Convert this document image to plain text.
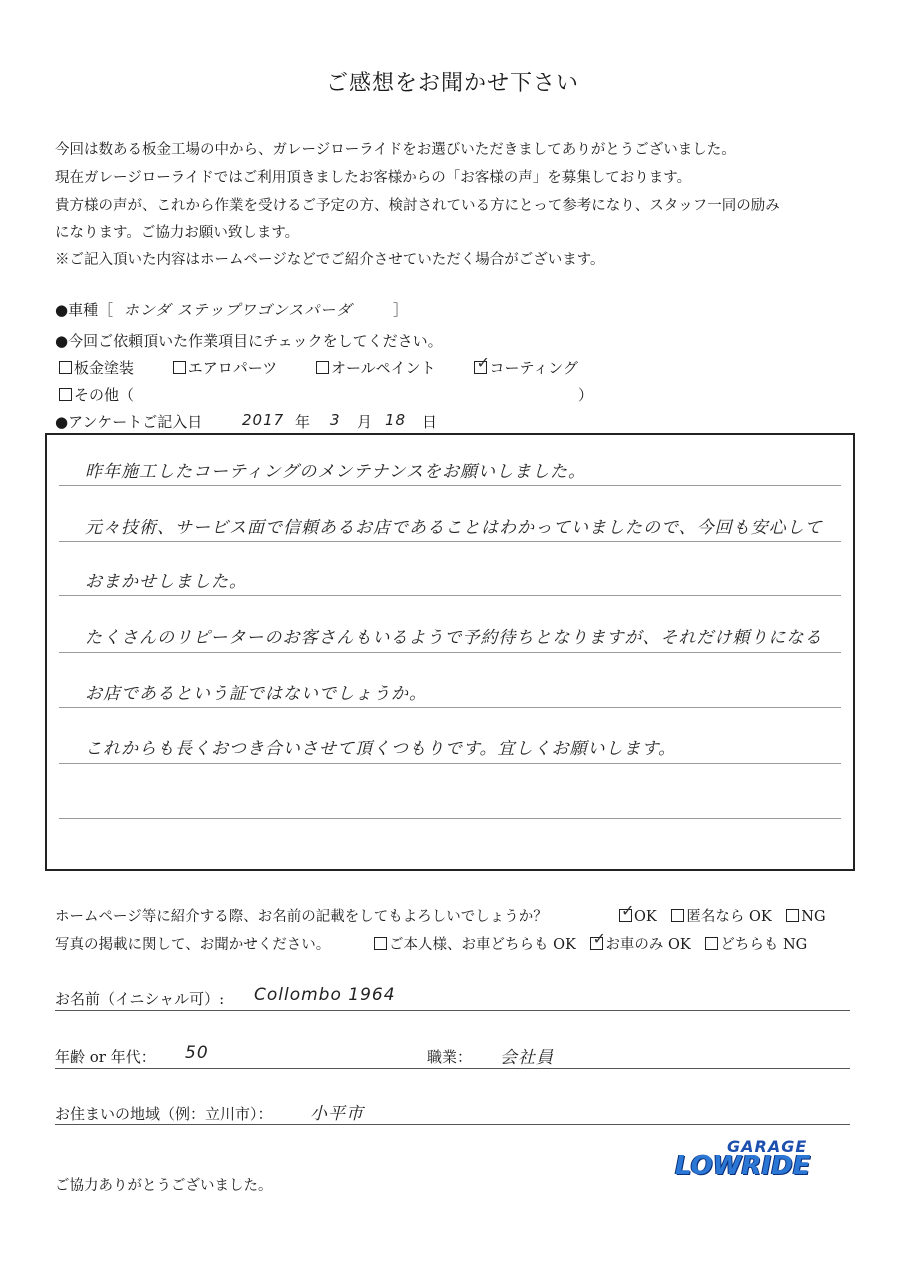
ご感想をお聞かせ下さい
今回は数ある板金工場の中から、ガレージローライドをお選びいただきましてありがとうございました。
現在ガレージローライドではご利用頂きましたお客様からの「お客様の声」を募集しております。
貴方様の声が、これから作業を受けるご予定の方、検討されている方にとって参考になり、スタッフ一同の励み
になります。ご協力お願い致します。
※ご記入頂いた内容はホームページなどでご紹介させていただく場合がございます。
●車種［ ホンダ ステップワゴンスパーダ	］
●今回ご依頼頂いた作業項目にチェックをしてください。
板金塗装	エアロパーツ	オールペイント	✓ コーティング
その他（	）
●アンケートご記入日	2017 年 3 月 18 日
昨年施工したコーティングのメンテナンスをお願いしました。
元々技術、サービス面で信頼あるお店であることはわかっていましたので、今回も安心して
おまかせしました。
たくさんのリピーターのお客さんもいるようで予約待ちとなりますが、それだけ頼りになる
お店であるという証ではないでしょうか。
これからも長くおつき合いさせて頂くつもりです。宜しくお願いします。
ホームページ等に紹介する際、お名前の記載をしてもよろしいでしょうか？	✓ OK 匿名なら OK NG
写真の掲載に関して、お聞かせください。	ご本人様、お車どちらも OK ✓ お車のみ OK どちらも NG
お名前（イニシャル可）: Collombo 1964
年齢 or 年代： 50	職業： 会社員
お住まいの地域（例：立川市）： 小平市
ご協力ありがとうございました。
GARAGE
LOWRIDE
